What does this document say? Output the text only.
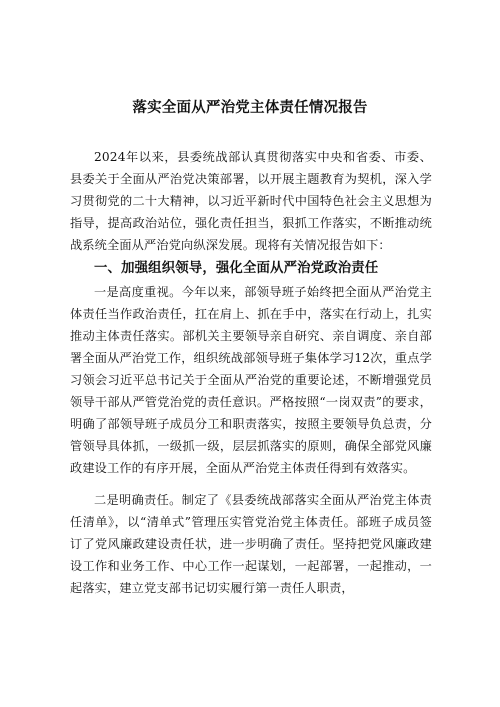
落实全面从严治党主体责任情况报告

2024年以来，县委统战部认真贯彻落实中央和省委、市委、县委关于全面从严治党决策部署，以开展主题教育为契机，深入学习贯彻党的二十大精神，以习近平新时代中国特色社会主义思想为指导，提高政治站位，强化责任担当，狠抓工作落实，不断推动统战系统全面从严治党向纵深发展。现将有关情况报告如下：

一、加强组织领导，强化全面从严治党政治责任

一是高度重视。今年以来，部领导班子始终把全面从严治党主体责任当作政治责任，扛在肩上、抓在手中，落实在行动上，扎实推动主体责任落实。部机关主要领导亲自研究、亲自调度、亲自部署全面从严治党工作，组织统战部领导班子集体学习12次，重点学习领会习近平总书记关于全面从严治党的重要论述，不断增强党员领导干部从严管党治党的责任意识。严格按照“一岗双责”的要求，明确了部领导班子成员分工和职责落实，按照主要领导负总责，分管领导具体抓，一级抓一级，层层抓落实的原则，确保全部党风廉政建设工作的有序开展，全面从严治党主体责任得到有效落实。

二是明确责任。制定了《县委统战部落实全面从严治党主体责任清单》，以“清单式”管理压实管党治党主体责任。部班子成员签订了党风廉政建设责任状，进一步明确了责任。坚持把党风廉政建设工作和业务工作、中心工作一起谋划，一起部署，一起推动，一起落实，建立党支部书记切实履行第一责任人职责，
